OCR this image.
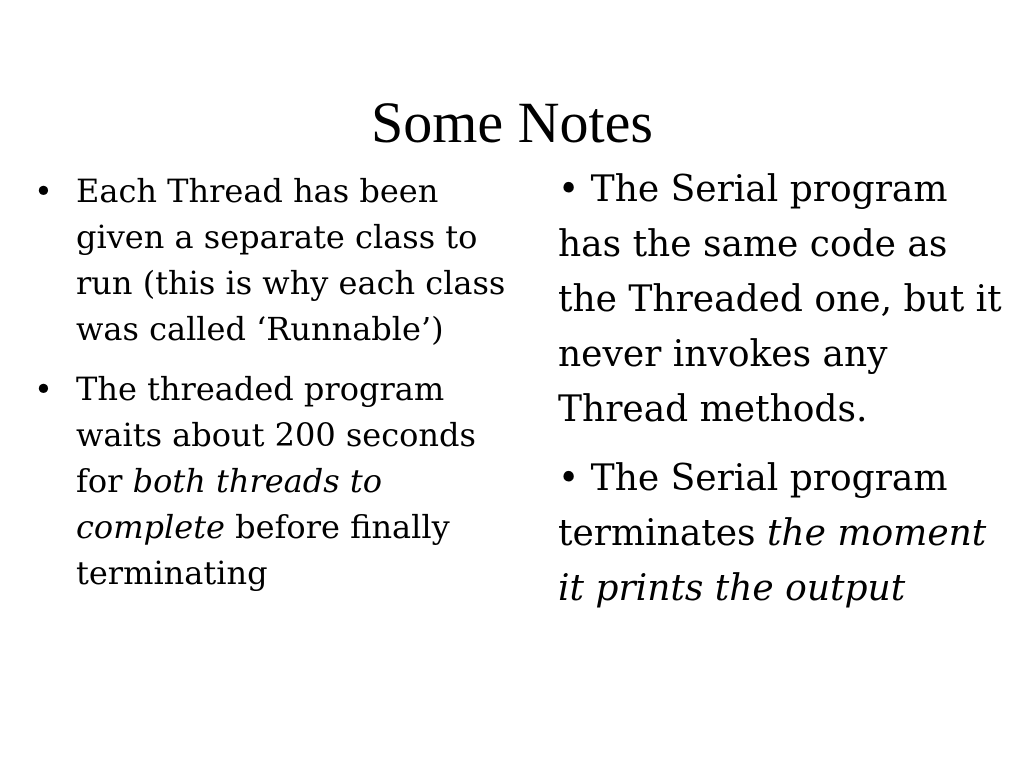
Some Notes
• Each Thread has been given a separate class to run (this is why each class was called ‘Runnable’)
• The threaded program waits about 200 seconds for both threads to complete before finally terminating

• The Serial program has the same code as the Threaded one, but it never invokes any Thread methods.

• The Serial program terminates the moment it prints the output
